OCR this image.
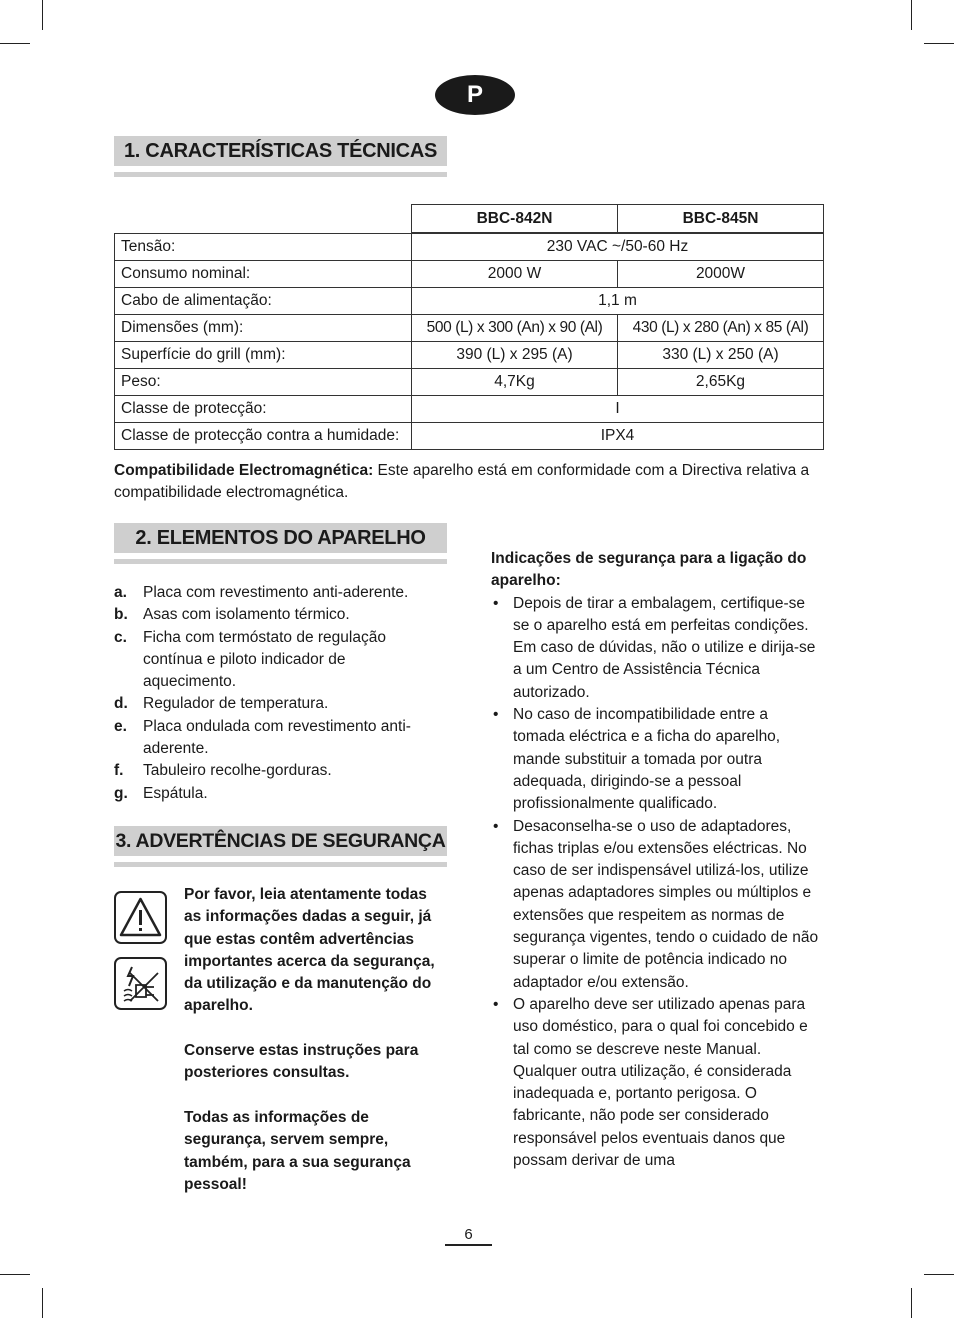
P
1. CARACTERÍSTICAS TÉCNICAS
	BBC-842N	BBC-845N
Tensão:	230 VAC ~/50-60 Hz	
Consumo nominal:	2000 W	2000W
Cabo de alimentação:	1,1 m	
Dimensões (mm):	500 (L) x 300 (An) x 90 (Al)	430 (L) x 280 (An) x 85 (Al)
Superfície do grill (mm):	390 (L) x 295 (A)	330 (L) x 250 (A)
Peso:	4,7Kg	2,65Kg
Classe de protecção:	I	
Classe de protecção contra a humidade:	IPX4	
Compatibilidade Electromagnética: Este aparelho está em conformidade com a Directiva relativa a compatibilidade electromagnética.
2. ELEMENTOS DO APARELHO
a.	Placa com revestimento anti-aderente.
b. Asas com isolamento térmico.
c.	Ficha com termóstato de regulação contínua e piloto indicador de aquecimento.
d. Regulador de temperatura.
e.	Placa ondulada com revestimento anti-aderente.
f.	Tabuleiro recolhe-gorduras.
g. Espátula.
3. ADVERTÊNCIAS DE SEGURANÇA

Por favor, leia atentamente todas as informações dadas a seguir, já que estas contêm advertências importantes acerca da segurança, da utilização e da manutenção do aparelho.

Conserve estas instruções para posteriores consultas.

Todas as informações de segurança, servem sempre, também, para a sua segurança pessoal!

Indicações de segurança para a ligação do aparelho:

• Depois de tirar a embalagem, certifique-se se o aparelho está em perfeitas condições. Em caso de dúvidas, não o utilize e dirija-se a um Centro de Assistência Técnica autorizado.
• No caso de incompatibilidade entre a tomada eléctrica e a ficha do aparelho, mande substituir a tomada por outra adequada, dirigindo-se a pessoal profissionalmente qualificado.
• Desaconselha-se o uso de adaptadores, fichas triplas e/ou extensões eléctricas. No caso de ser indispensável utilizá-los, utilize apenas adaptadores simples ou múltiplos e extensões que respeitem as normas de segurança vigentes, tendo o cuidado de não superar o limite de potência indicado no adaptador e/ou extensão.
• O aparelho deve ser utilizado apenas para uso doméstico, para o qual foi concebido e tal como se descreve neste Manual. Qualquer outra utilização, é considerada inadequada e, portanto perigosa. O fabricante, não pode ser considerado responsável pelos eventuais danos que possam derivar de uma
6
